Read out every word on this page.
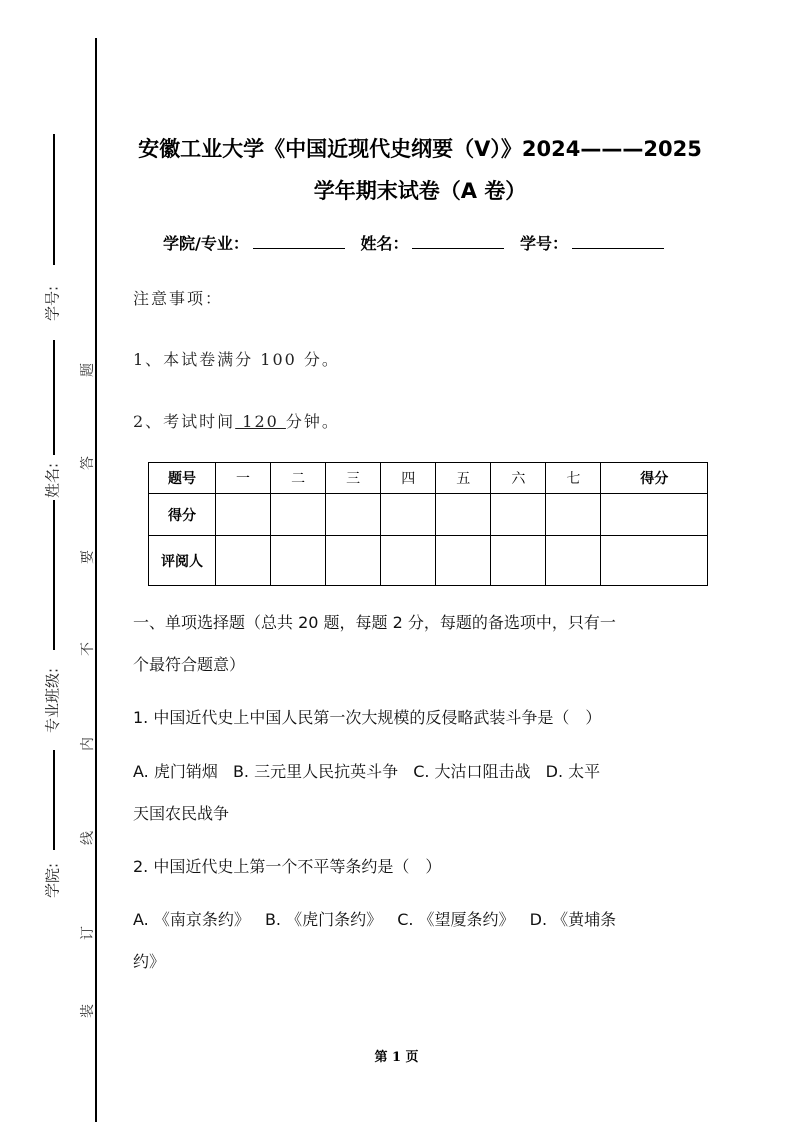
学号:
姓名:
专业班级:
学院:
题
答
要
不
内
线
订
装
安徽工业大学《中国近现代史纲要（V）》2024———2025
学年期末试卷（A 卷）
学院/专业：	姓名：	学号：
注意事项：
1、本试卷满分 100 分。
2、考试时间 120 分钟。
题号	一	二	三	四	五	六	七	得分
得分								
评阅人								
一、单项选择题（总共 20 题，每题 2 分，每题的备选项中，只有一
个最符合题意）
1. 中国近代史上中国人民第一次大规模的反侵略武装斗争是（　）
A. 虎门销烟 B. 三元里人民抗英斗争 C. 大沽口阻击战 D. 太平
天国农民战争
2. 中国近代史上第一个不平等条约是（　）
A. 《南京条约》 B. 《虎门条约》 C. 《望厦条约》 D. 《黄埔条
约》
第 1 页
